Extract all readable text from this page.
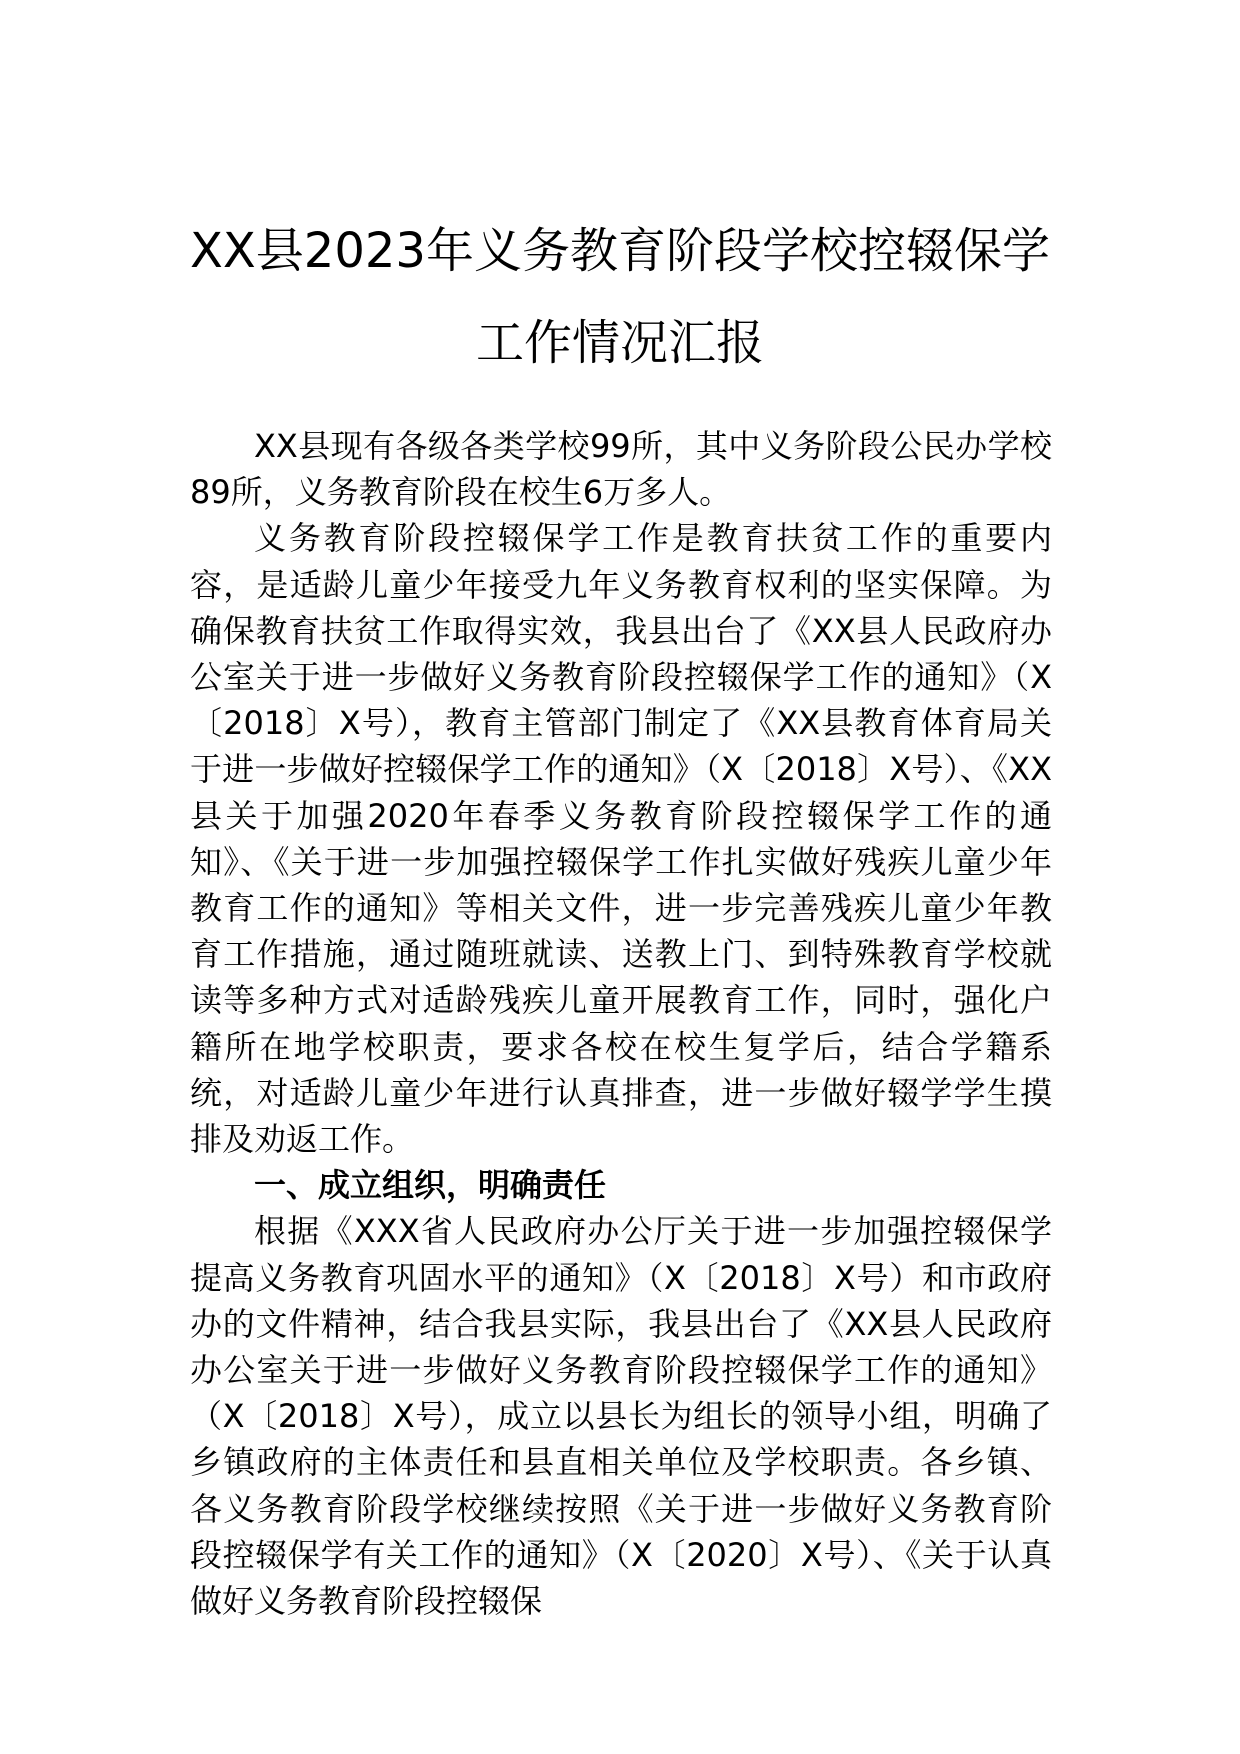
XX县2023年义务教育阶段学校控辍保学
工作情况汇报

XX县现有各级各类学校99所，其中义务阶段公民办学校89所，义务教育阶段在校生6万多人。

义务教育阶段控辍保学工作是教育扶贫工作的重要内容，是适龄儿童少年接受九年义务教育权利的坚实保障。为确保教育扶贫工作取得实效，我县出台了《XX县人民政府办公室关于进一步做好义务教育阶段控辍保学工作的通知》（X〔2018〕X号），教育主管部门制定了《XX县教育体育局关于进一步做好控辍保学工作的通知》（X〔2018〕X号）、《XX县关于加强2020年春季义务教育阶段控辍保学工作的通知》、《关于进一步加强控辍保学工作扎实做好残疾儿童少年教育工作的通知》等相关文件，进一步完善残疾儿童少年教育工作措施，通过随班就读、送教上门、到特殊教育学校就读等多种方式对适龄残疾儿童开展教育工作，同时，强化户籍所在地学校职责，要求各校在校生复学后，结合学籍系统，对适龄儿童少年进行认真排查，进一步做好辍学学生摸排及劝返工作。

一、成立组织，明确责任

根据《XXX省人民政府办公厅关于进一步加强控辍保学提高义务教育巩固水平的通知》（X〔2018〕X号）和市政府办的文件精神，结合我县实际，我县出台了《XX县人民政府办公室关于进一步做好义务教育阶段控辍保学工作的通知》（X〔2018〕X号），成立以县长为组长的领导小组，明确了乡镇政府的主体责任和县直相关单位及学校职责。各乡镇、各义务教育阶段学校继续按照《关于进一步做好义务教育阶段控辍保学有关工作的通知》（X〔2020〕X号）、《关于认真做好义务教育阶段控辍保
